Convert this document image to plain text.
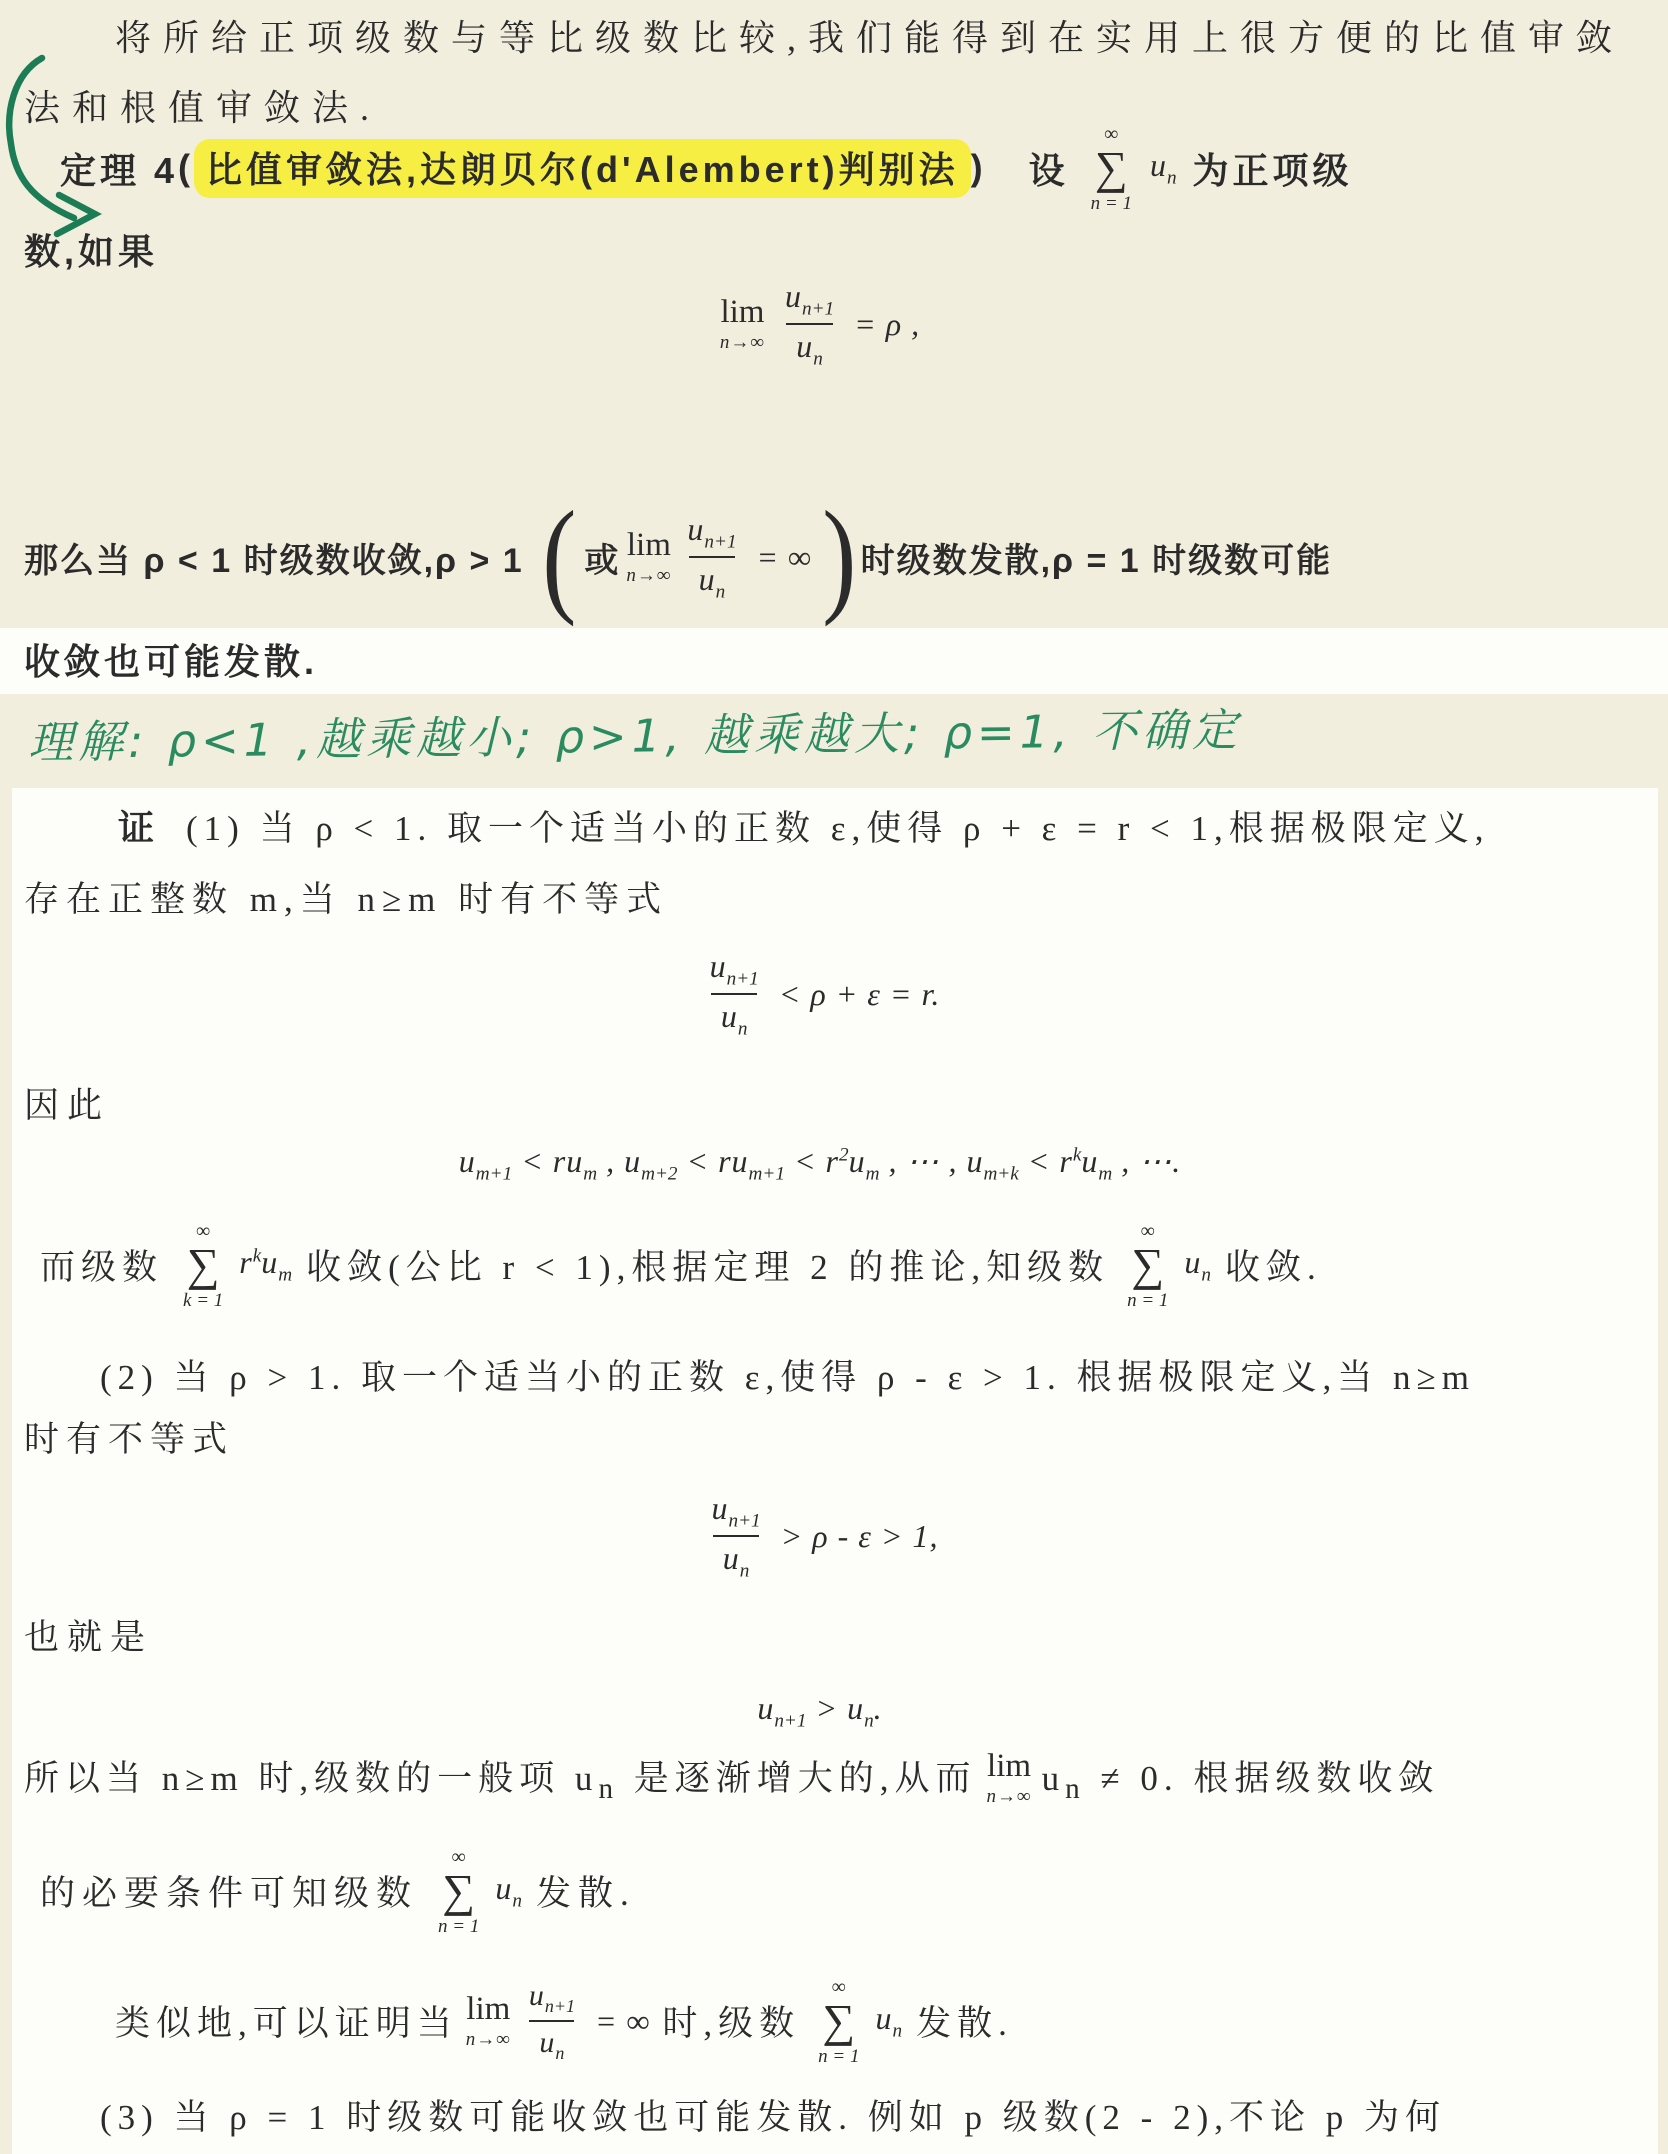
将所给正项级数与等比级数比较,我们能得到在实用上很方便的比值审敛
法和根值审敛法.
定理 4 ( 比值审敛法,达朗贝尔(d'Alembert)判别法 ) 设
∞
∑
n = 1
$u_n$ 为正项级
数,如果
lim
$n\to\infty \frac{u_{n+1}}{u_n} = \rho$ ,
那么当 ρ < 1 时级数收敛,ρ > 1 ( 或 lim
$n\to\infty \frac{u_{n+1}}{u_n}$ = ∞ ) 时级数发散,ρ = 1 时级数可能
收敛也可能发散.
理解: ρ<1 ,越乘越小; ρ>1, 越乘越大; ρ=1, 不确定
证 (1) 当 ρ < 1. 取一个适当小的正数 ε,使得 ρ + ε = r < 1,根据极限定义,
存在正整数 m,当 n≥m 时有不等式
$\frac{u_{n+1}}{u_n} < \rho + \varepsilon = r$.
因此
$u_{m+1} < ru_m$ , $u_{m+2} < ru_{m+1} < r^2u_m$ , ⋯ , $u_{m+k} < r^ku_m$ , ⋯.
而级数
∞
∑
k = 1
$r^ku_m$ 收敛(公比 r < 1),根据定理 2 的推论,知级数
∞
∑
n = 1
$u_n$ 收敛.
(2) 当 ρ > 1. 取一个适当小的正数 ε,使得 ρ - ε > 1. 根据极限定义,当 n≥m
时有不等式
$\frac{u_{n+1}}{u_n} > \rho - \varepsilon > 1$,
也就是
$u_{n+1} > u_n$.
所以当 n≥m 时,级数的一般项 $u_n$ 是逐渐增大的,从而 lim
n→∞ $u_n \ne 0$. 根据级数收敛
的必要条件可知级数
∞
∑
n = 1
$u_n$ 发散.
类似地,可以证明当 lim
$n\to\infty \frac{u_{n+1}}{u_n}$ = ∞ 时,级数
∞
∑
n = 1
$u_n$ 发散.
(3) 当 ρ = 1 时级数可能收敛也可能发散. 例如 p 级数(2 - 2),不论 p 为何
